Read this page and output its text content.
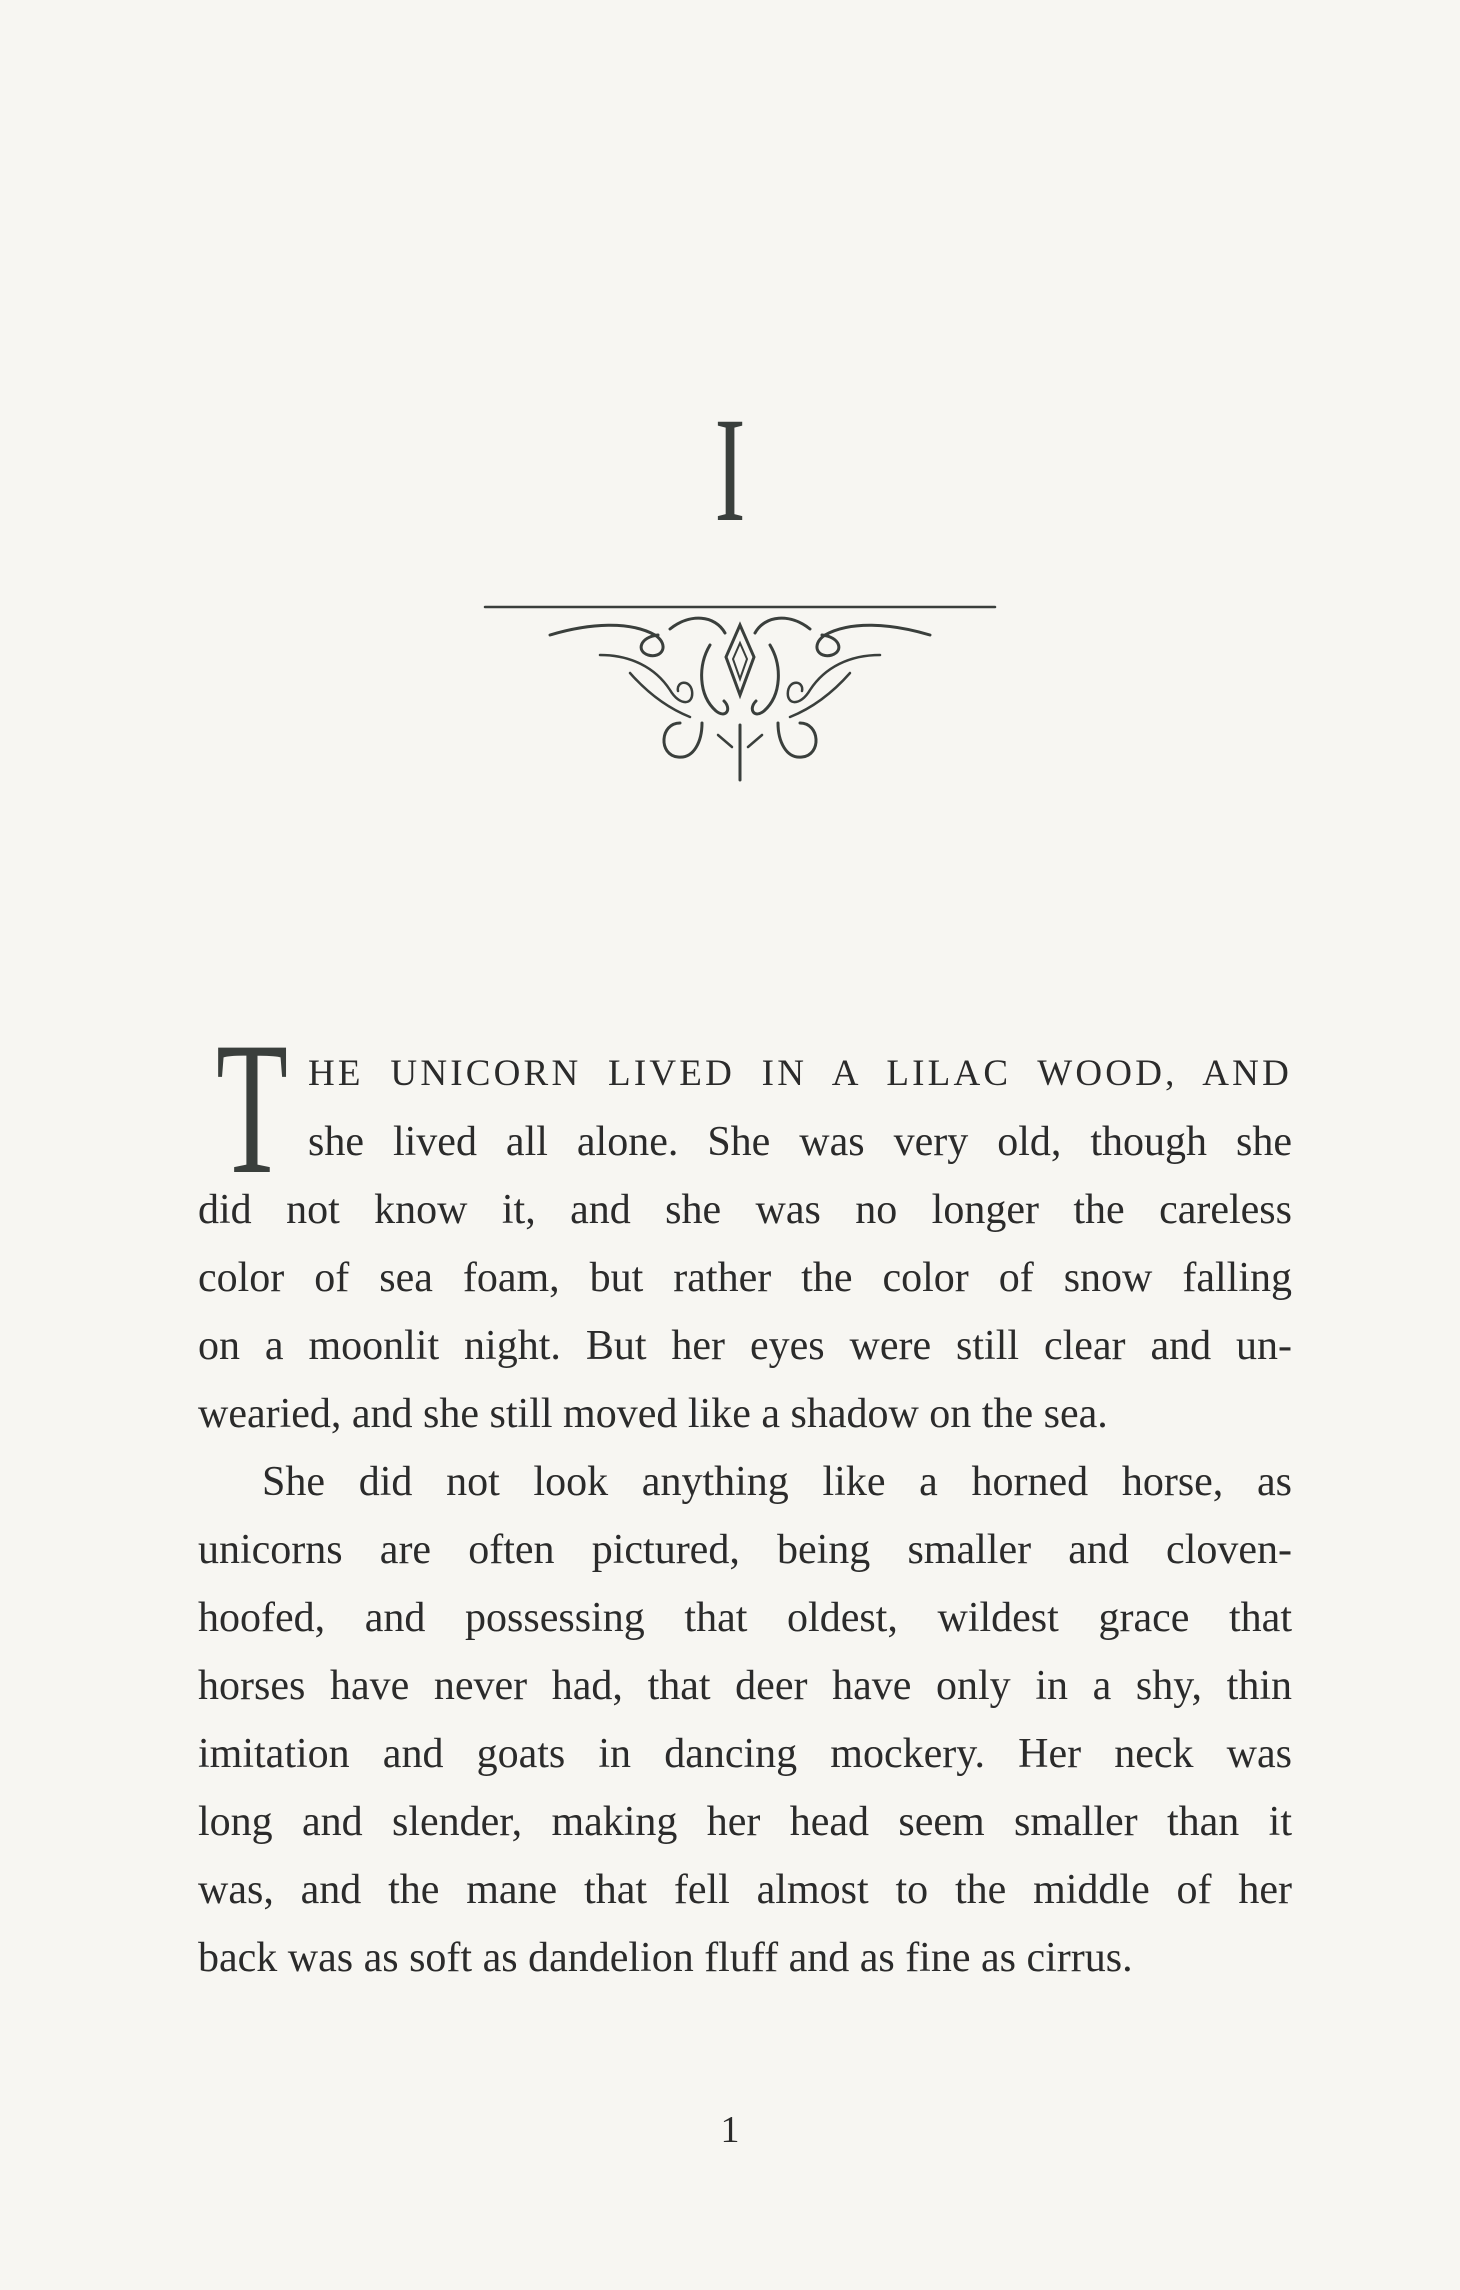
I
T HE UNICORN LIVED IN A LILAC WOOD, AND

she lived all alone. She was very old, though she

did not know it, and she was no longer the careless

color of sea foam, but rather the color of snow falling

on a moonlit night. But her eyes were still clear and un-

wearied, and she still moved like a shadow on the sea.

She did not look anything like a horned horse, as

unicorns are often pictured, being smaller and cloven-

hoofed, and possessing that oldest, wildest grace that

horses have never had, that deer have only in a shy, thin

imitation and goats in dancing mockery. Her neck was

long and slender, making her head seem smaller than it

was, and the mane that fell almost to the middle of her

back was as soft as dandelion fluff and as fine as cirrus.

1
